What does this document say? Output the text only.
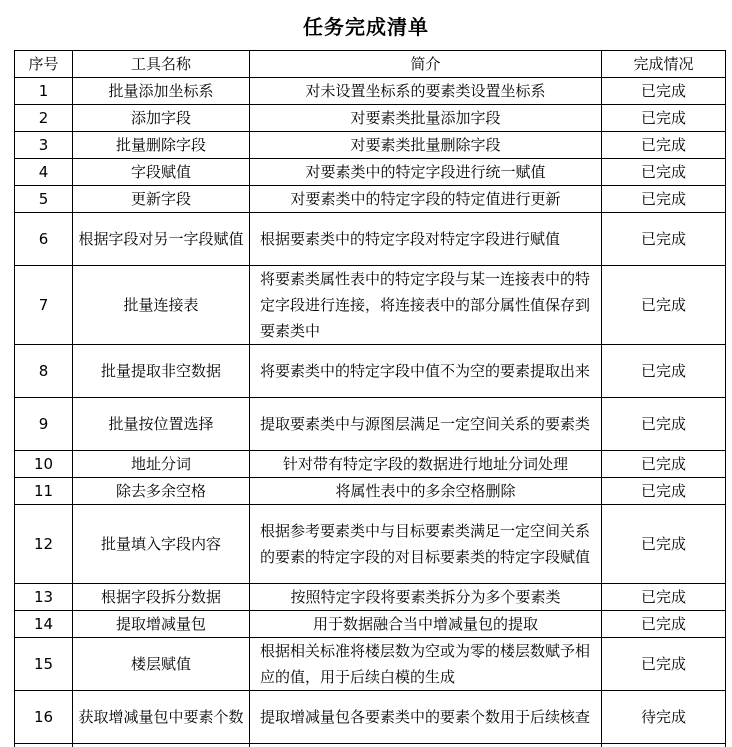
任务完成清单
序号	工具名称	简介	完成情况
1	批量添加坐标系	对未设置坐标系的要素类设置坐标系	已完成
2	添加字段	对要素类批量添加字段	已完成
3	批量删除字段	对要素类批量删除字段	已完成
4	字段赋值	对要素类中的特定字段进行统一赋值	已完成
5	更新字段	对要素类中的特定字段的特定值进行更新	已完成
6	根据字段对另一字段赋值	根据要素类中的特定字段对特定字段进行赋值	已完成
7	批量连接表	将要素类属性表中的特定字段与某一连接表中的特定字段进行连接，将连接表中的部分属性值保存到要素类中	已完成
8	批量提取非空数据	将要素类中的特定字段中值不为空的要素提取出来	已完成
9	批量按位置选择	提取要素类中与源图层满足一定空间关系的要素类	已完成
10	地址分词	针对带有特定字段的数据进行地址分词处理	已完成
11	除去多余空格	将属性表中的多余空格删除	已完成
12	批量填入字段内容	根据参考要素类中与目标要素类满足一定空间关系的要素的特定字段的对目标要素类的特定字段赋值	已完成
13	根据字段拆分数据	按照特定字段将要素类拆分为多个要素类	已完成
14	提取增减量包	用于数据融合当中增减量包的提取	已完成
15	楼层赋值	根据相关标准将楼层数为空或为零的楼层数赋予相应的值，用于后续白模的生成	已完成
16	获取增减量包中要素个数	提取增减量包各要素类中的要素个数用于后续核查	待完成
